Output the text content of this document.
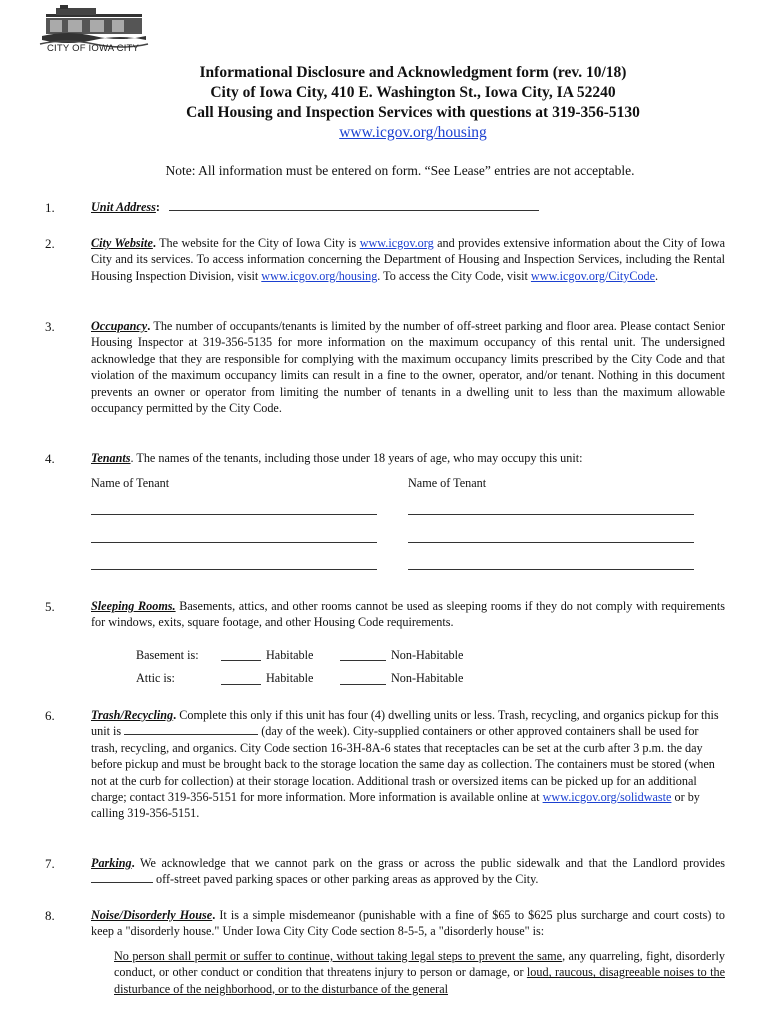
CITY OF IOWA CITY
Informational Disclosure and Acknowledgment form (rev. 10/18)
City of Iowa City, 410 E. Washington St., Iowa City, IA 52240
Call Housing and Inspection Services with questions at 319-356-5130
www.icgov.org/housing
Note: All information must be entered on form. “See Lease” entries are not acceptable.
1.	Unit Address:
2.	City Website. The website for the City of Iowa City is www.icgov.org and provides extensive information about the City of Iowa City and its services. To access information concerning the Department of Housing and Inspection Services, including the Rental Housing Inspection Division, visit www.icgov.org/housing. To access the City Code, visit www.icgov.org/CityCode.
3.	Occupancy. The number of occupants/tenants is limited by the number of off-street parking and floor area. Please contact Senior Housing Inspector at 319-356-5135 for more information on the maximum occupancy of this rental unit. The undersigned acknowledge that they are responsible for complying with the maximum occupancy limits prescribed by the City Code and that violation of the maximum occupancy limits can result in a fine to the owner, operator, and/or tenant. Nothing in this document prevents an owner or operator from limiting the number of tenants in a dwelling unit to less than the maximum allowable occupancy permitted by the City Code.
4.	Tenants. The names of the tenants, including those under 18 years of age, who may occupy this unit:
Name of Tenant	Name of Tenant
5.	Sleeping Rooms. Basements, attics, and other rooms cannot be used as sleeping rooms if they do not comply with requirements for windows, exits, square footage, and other Housing Code requirements.
Basement is:	Habitable	Non-Habitable
Attic is:	Habitable	Non-Habitable
6.	Trash/Recycling. Complete this only if this unit has four (4) dwelling units or less. Trash, recycling, and organics pickup for this unit is	(day of the week). City-supplied containers or other approved containers shall be used for trash, recycling, and organics. City Code section 16-3H-8A-6 states that receptacles can be set at the curb after 3 p.m. the day before pickup and must be brought back to the storage location the same day as collection. The containers must be stored (when not at the curb for collection) at their storage location. Additional trash or oversized items can be picked up for an additional charge; contact 319-356-5151 for more information. More information is available online at www.icgov.org/solidwaste or by calling 319-356-5151.
7.	Parking. We acknowledge that we cannot park on the grass or across the public sidewalk and that the Landlord provides  off-street paved parking spaces or other parking areas as approved by the City.
8.	Noise/Disorderly House. It is a simple misdemeanor (punishable with a fine of $65 to $625 plus surcharge and court costs) to keep a "disorderly house." Under Iowa City City Code section 8-5-5, a "disorderly house" is:
No person shall permit or suffer to continue, without taking legal steps to prevent the same, any quarreling, fight, disorderly conduct, or other conduct or condition that threatens injury to person or damage, or loud, raucous, disagreeable noises to the disturbance of the neighborhood, or to the disturbance of the general
